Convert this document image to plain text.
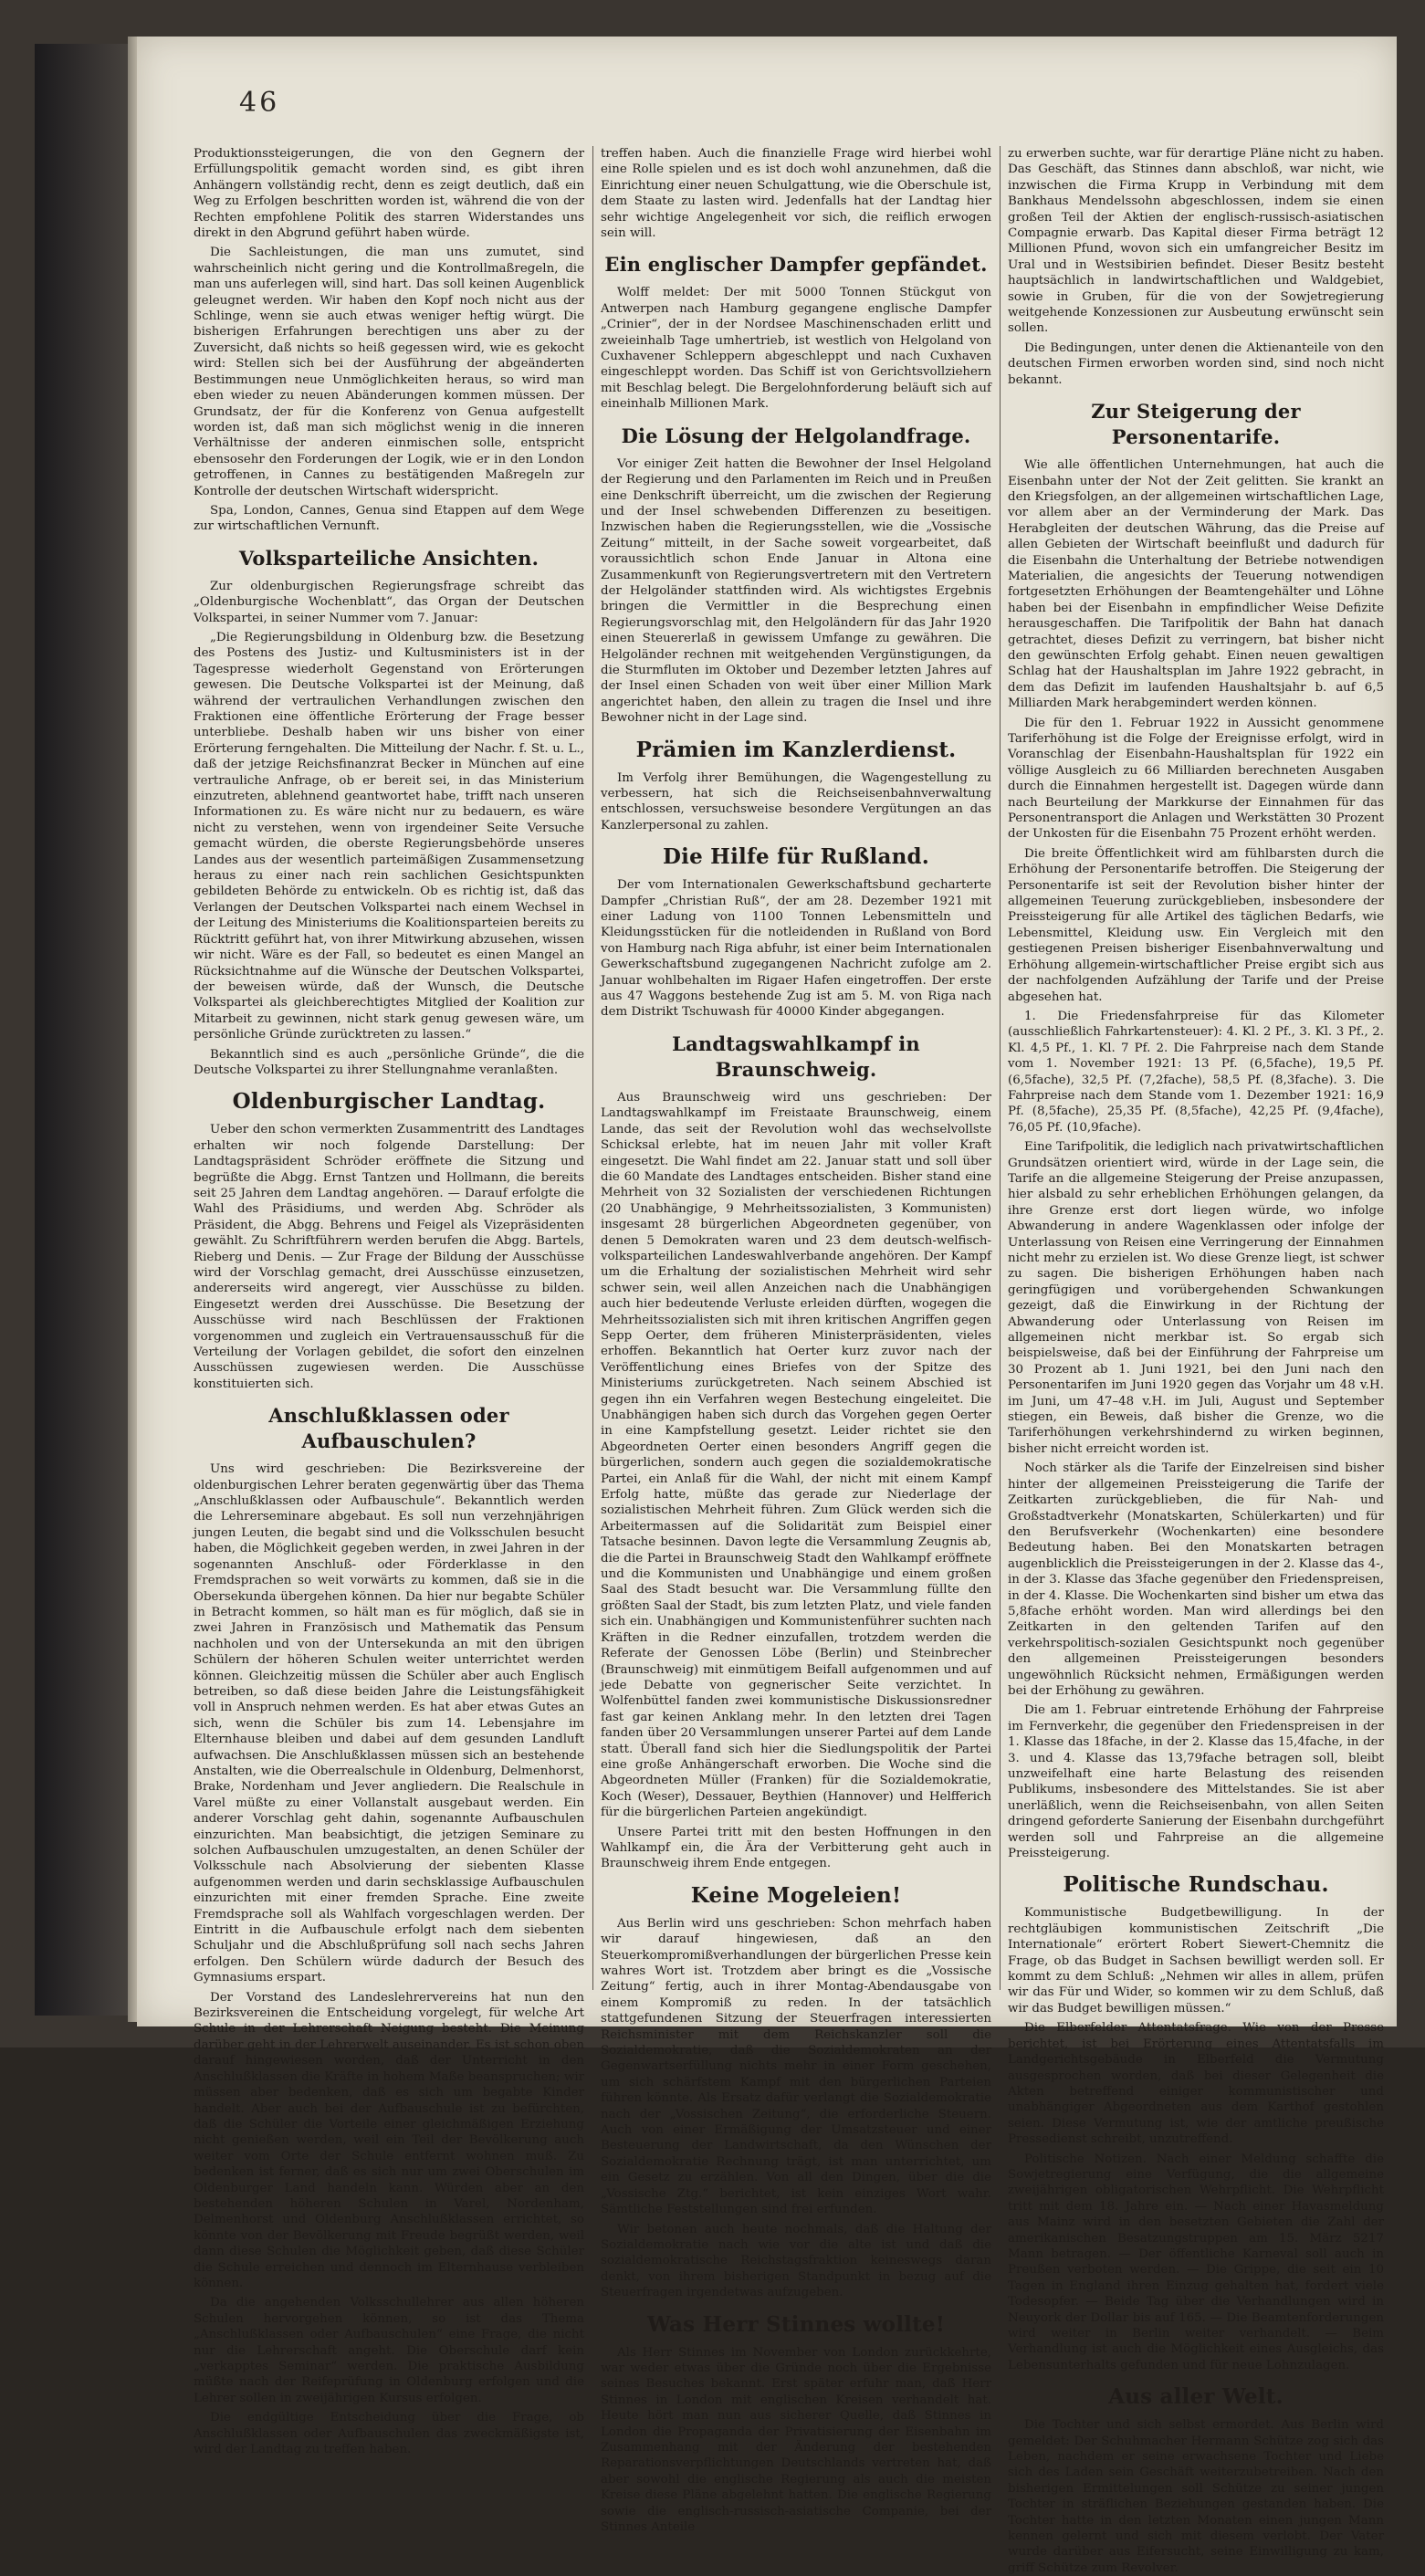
46

Produktionssteigerungen, die von den Gegnern der Erfüllungspolitik gemacht worden sind, es gibt ihren Anhängern vollständig recht, denn es zeigt deutlich, daß ein Weg zu Erfolgen beschritten worden ist, während die von der Rechten empfohlene Politik des starren Widerstandes uns direkt in den Abgrund geführt haben würde.

Die Sachleistungen, die man uns zumutet, sind wahrscheinlich nicht gering und die Kontrollmaßregeln, die man uns auferlegen will, sind hart. Das soll keinen Augenblick geleugnet werden. Wir haben den Kopf noch nicht aus der Schlinge, wenn sie auch etwas weniger heftig würgt. Die bisherigen Erfahrungen berechtigen uns aber zu der Zuversicht, daß nichts so heiß gegessen wird, wie es gekocht wird: Stellen sich bei der Ausführung der abgeänderten Bestimmungen neue Unmöglichkeiten heraus, so wird man eben wieder zu neuen Abänderungen kommen müssen. Der Grundsatz, der für die Konferenz von Genua aufgestellt worden ist, daß man sich möglichst wenig in die inneren Verhältnisse der anderen einmischen solle, entspricht ebensosehr den Forderungen der Logik, wie er in den London getroffenen, in Cannes zu bestätigenden Maßregeln zur Kontrolle der deutschen Wirtschaft widerspricht.

Spa, London, Cannes, Genua sind Etappen auf dem Wege zur wirtschaftlichen Vernunft.

Volksparteiliche Ansichten.

Zur oldenburgischen Regierungsfrage schreibt das „Oldenburgische Wochenblatt“, das Organ der Deutschen Volkspartei, in seiner Nummer vom 7. Januar:

„Die Regierungsbildung in Oldenburg bzw. die Besetzung des Postens des Justiz- und Kultusministers ist in der Tagespresse wiederholt Gegenstand von Erörterungen gewesen. Die Deutsche Volkspartei ist der Meinung, daß während der vertraulichen Verhandlungen zwischen den Fraktionen eine öffentliche Erörterung der Frage besser unterbliebe. Deshalb haben wir uns bisher von einer Erörterung ferngehalten. Die Mitteilung der Nachr. f. St. u. L., daß der jetzige Reichsfinanzrat Becker in München auf eine vertrauliche Anfrage, ob er bereit sei, in das Ministerium einzutreten, ablehnend geantwortet habe, trifft nach unseren Informationen zu. Es wäre nicht nur zu bedauern, es wäre nicht zu verstehen, wenn von irgendeiner Seite Versuche gemacht würden, die oberste Regierungsbehörde unseres Landes aus der wesentlich parteimäßigen Zusammensetzung heraus zu einer nach rein sachlichen Gesichtspunkten gebildeten Behörde zu entwickeln. Ob es richtig ist, daß das Verlangen der Deutschen Volkspartei nach einem Wechsel in der Leitung des Ministeriums die Koalitionsparteien bereits zu Rücktritt geführt hat, von ihrer Mitwirkung abzusehen, wissen wir nicht. Wäre es der Fall, so bedeutet es einen Mangel an Rücksichtnahme auf die Wünsche der Deutschen Volkspartei, der beweisen würde, daß der Wunsch, die Deutsche Volkspartei als gleichberechtigtes Mitglied der Koalition zur Mitarbeit zu gewinnen, nicht stark genug gewesen wäre, um persönliche Gründe zurücktreten zu lassen.“

Bekanntlich sind es auch „persönliche Gründe“, die die Deutsche Volkspartei zu ihrer Stellungnahme veranlaßten.

Oldenburgischer Landtag.

Ueber den schon vermerkten Zusammentritt des Landtages erhalten wir noch folgende Darstellung: Der Landtagspräsident Schröder eröffnete die Sitzung und begrüßte die Abgg. Ernst Tantzen und Hollmann, die bereits seit 25 Jahren dem Landtag angehören. — Darauf erfolgte die Wahl des Präsidiums, und werden Abg. Schröder als Präsident, die Abgg. Behrens und Feigel als Vizepräsidenten gewählt. Zu Schriftführern werden berufen die Abgg. Bartels, Rieberg und Denis. — Zur Frage der Bildung der Ausschüsse wird der Vorschlag gemacht, drei Ausschüsse einzusetzen, andererseits wird angeregt, vier Ausschüsse zu bilden. Eingesetzt werden drei Ausschüsse. Die Besetzung der Ausschüsse wird nach Beschlüssen der Fraktionen vorgenommen und zugleich ein Vertrauensausschuß für die Verteilung der Vorlagen gebildet, die sofort den einzelnen Ausschüssen zugewiesen werden. Die Ausschüsse konstituierten sich.

Anschlußklassen oder Aufbauschulen?

Uns wird geschrieben: Die Bezirksvereine der oldenburgischen Lehrer beraten gegenwärtig über das Thema „Anschlußklassen oder Aufbauschule“. Bekanntlich werden die Lehrerseminare abgebaut. Es soll nun verzehnjährigen jungen Leuten, die begabt sind und die Volksschulen besucht haben, die Möglichkeit gegeben werden, in zwei Jahren in der sogenannten Anschluß- oder Förderklasse in den Fremdsprachen so weit vorwärts zu kommen, daß sie in die Obersekunda übergehen können. Da hier nur begabte Schüler in Betracht kommen, so hält man es für möglich, daß sie in zwei Jahren in Französisch und Mathematik das Pensum nachholen und von der Untersekunda an mit den übrigen Schülern der höheren Schulen weiter unterrichtet werden können. Gleichzeitig müssen die Schüler aber auch Englisch betreiben, so daß diese beiden Jahre die Leistungsfähigkeit voll in Anspruch nehmen werden. Es hat aber etwas Gutes an sich, wenn die Schüler bis zum 14. Lebensjahre im Elternhause bleiben und dabei auf dem gesunden Landluft aufwachsen. Die Anschlußklassen müssen sich an bestehende Anstalten, wie die Oberrealschule in Oldenburg, Delmenhorst, Brake, Nordenham und Jever angliedern. Die Realschule in Varel müßte zu einer Vollanstalt ausgebaut werden. Ein anderer Vorschlag geht dahin, sogenannte Aufbauschulen einzurichten. Man beabsichtigt, die jetzigen Seminare zu solchen Aufbauschulen umzugestalten, an denen Schüler der Volksschule nach Absolvierung der siebenten Klasse aufgenommen werden und darin sechsklassige Aufbauschulen einzurichten mit einer fremden Sprache. Eine zweite Fremdsprache soll als Wahlfach vorgeschlagen werden. Der Eintritt in die Aufbauschule erfolgt nach dem siebenten Schuljahr und die Abschlußprüfung soll nach sechs Jahren erfolgen. Den Schülern würde dadurch der Besuch des Gymnasiums erspart.

Der Vorstand des Landeslehrervereins hat nun den Bezirksvereinen die Entscheidung vorgelegt, für welche Art Schule in der Lehrerschaft Neigung besteht. Die Meinung darüber geht in der Lehrerwelt auseinander. Es ist schon oben darauf hingewiesen worden, daß der Unterricht in den Anschlußklassen die Kräfte in hohem Maße beanspruchen; wir müssen aber bedenken, daß es sich um begabte Kinder handelt. Aber auch bei der Aufbauschule ist zu befürchten, daß die Schüler die Vorteile einer gleichmäßigen Erziehung nicht genießen werden, weil ein Teil der Bevölkerung auch weiter vom Orte der Schule entfernt wohnen muß. Zu bedenken ist ferner, daß es sich nur um zwei Oberschulen im Oldenburger Land handeln kann. Würden aber an den bestehenden höheren Schulen in Varel, Nordenham, Delmenhorst und Oldenburg Anschlußklassen errichtet, so könnte von der Bevölkerung mit Freude begrüßt werden, weil dann diese Schulen die Möglichkeit geben, daß diese Schüler die Schule erreichen und dennoch im Elternhause verbleiben können.

Da die angehenden Volksschullehrer aus allen höheren Schulen hervorgehen können, so ist das Thema „Anschlußklassen oder Aufbauschulen“ eine Frage, die nicht nur die Lehrerschaft angeht. Die Oberschule darf kein „verkapptes Seminar“ werden. Die praktische Ausbildung müßte nach der Reifeprüfung in Oldenburg erfolgen und die Lehrer sollen in zweijährigen Kursus erfolgen.

Die endgültige Entscheidung über die Frage, ob Anschlußklassen oder Aufbauschulen das zweckmäßigste ist, wird der Landtag zu treffen haben.

treffen haben. Auch die finanzielle Frage wird hierbei wohl eine Rolle spielen und es ist doch wohl anzunehmen, daß die Einrichtung einer neuen Schulgattung, wie die Oberschule ist, dem Staate zu lasten wird. Jedenfalls hat der Landtag hier sehr wichtige Angelegenheit vor sich, die reiflich erwogen sein will.

Ein englischer Dampfer gepfändet.

Wolff meldet: Der mit 5000 Tonnen Stückgut von Antwerpen nach Hamburg gegangene englische Dampfer „Crinier“, der in der Nordsee Maschinenschaden erlitt und zweieinhalb Tage umhertrieb, ist westlich von Helgoland von Cuxhavener Schleppern abgeschleppt und nach Cuxhaven eingeschleppt worden. Das Schiff ist von Gerichtsvollziehern mit Beschlag belegt. Die Bergelohnforderung beläuft sich auf eineinhalb Millionen Mark.

Die Lösung der Helgolandfrage.

Vor einiger Zeit hatten die Bewohner der Insel Helgoland der Regierung und den Parlamenten im Reich und in Preußen eine Denkschrift überreicht, um die zwischen der Regierung und der Insel schwebenden Differenzen zu beseitigen. Inzwischen haben die Regierungsstellen, wie die „Vossische Zeitung“ mitteilt, in der Sache soweit vorgearbeitet, daß voraussichtlich schon Ende Januar in Altona eine Zusammenkunft von Regierungsvertretern mit den Vertretern der Helgoländer stattfinden wird. Als wichtigstes Ergebnis bringen die Vermittler in die Besprechung einen Regierungsvorschlag mit, den Helgoländern für das Jahr 1920 einen Steuererlaß in gewissem Umfange zu gewähren. Die Helgoländer rechnen mit weitgehenden Vergünstigungen, da die Sturmfluten im Oktober und Dezember letzten Jahres auf der Insel einen Schaden von weit über einer Million Mark angerichtet haben, den allein zu tragen die Insel und ihre Bewohner nicht in der Lage sind.

Prämien im Kanzlerdienst.

Im Verfolg ihrer Bemühungen, die Wagengestellung zu verbessern, hat sich die Reichseisenbahnverwaltung entschlossen, versuchsweise besondere Vergütungen an das Kanzlerpersonal zu zahlen.

Die Hilfe für Rußland.

Der vom Internationalen Gewerkschaftsbund gecharterte Dampfer „Christian Ruß“, der am 28. Dezember 1921 mit einer Ladung von 1100 Tonnen Lebensmitteln und Kleidungsstücken für die notleidenden in Rußland von Bord von Hamburg nach Riga abfuhr, ist einer beim Internationalen Gewerkschaftsbund zugegangenen Nachricht zufolge am 2. Januar wohlbehalten im Rigaer Hafen eingetroffen. Der erste aus 47 Waggons bestehende Zug ist am 5. M. von Riga nach dem Distrikt Tschuwash für 40000 Kinder abgegangen.

Landtagswahlkampf in Braunschweig.

Aus Braunschweig wird uns geschrieben: Der Landtagswahlkampf im Freistaate Braunschweig, einem Lande, das seit der Revolution wohl das wechselvollste Schicksal erlebte, hat im neuen Jahr mit voller Kraft eingesetzt. Die Wahl findet am 22. Januar statt und soll über die 60 Mandate des Landtages entscheiden. Bisher stand eine Mehrheit von 32 Sozialisten der verschiedenen Richtungen (20 Unabhängige, 9 Mehrheitssozialisten, 3 Kommunisten) insgesamt 28 bürgerlichen Abgeordneten gegenüber, von denen 5 Demokraten waren und 23 dem deutsch-welfisch-volksparteilichen Landeswahlverbande angehören. Der Kampf um die Erhaltung der sozialistischen Mehrheit wird sehr schwer sein, weil allen Anzeichen nach die Unabhängigen auch hier bedeutende Verluste erleiden dürften, wogegen die Mehrheitssozialisten sich mit ihren kritischen Angriffen gegen Sepp Oerter, dem früheren Ministerpräsidenten, vieles erhoffen. Bekanntlich hat Oerter kurz zuvor nach der Veröffentlichung eines Briefes von der Spitze des Ministeriums zurückgetreten. Nach seinem Abschied ist gegen ihn ein Verfahren wegen Bestechung eingeleitet. Die Unabhängigen haben sich durch das Vorgehen gegen Oerter in eine Kampfstellung gesetzt. Leider richtet sie den Abgeordneten Oerter einen besonders Angriff gegen die bürgerlichen, sondern auch gegen die sozialdemokratische Partei, ein Anlaß für die Wahl, der nicht mit einem Kampf Erfolg hatte, müßte das gerade zur Niederlage der sozialistischen Mehrheit führen. Zum Glück werden sich die Arbeitermassen auf die Solidarität zum Beispiel einer Tatsache besinnen. Davon legte die Versammlung Zeugnis ab, die die Partei in Braunschweig Stadt den Wahlkampf eröffnete und die Kommunisten und Unabhängige und einem großen Saal des Stadt besucht war. Die Versammlung füllte den größten Saal der Stadt, bis zum letzten Platz, und viele fanden sich ein. Unabhängigen und Kommunistenführer suchten nach Kräften in die Redner einzufallen, trotzdem werden die Referate der Genossen Löbe (Berlin) und Steinbrecher (Braunschweig) mit einmütigem Beifall aufgenommen und auf jede Debatte von gegnerischer Seite verzichtet. In Wolfenbüttel fanden zwei kommunistische Diskussionsredner fast gar keinen Anklang mehr. In den letzten drei Tagen fanden über 20 Versammlungen unserer Partei auf dem Lande statt. Überall fand sich hier die Siedlungspolitik der Partei eine große Anhängerschaft erworben. Die Woche sind die Abgeordneten Müller (Franken) für die Sozialdemokratie, Koch (Weser), Dessauer, Beythien (Hannover) und Helfferich für die bürgerlichen Parteien angekündigt.

Unsere Partei tritt mit den besten Hoffnungen in den Wahlkampf ein, die Ära der Verbitterung geht auch in Braunschweig ihrem Ende entgegen.

Keine Mogeleien!

Aus Berlin wird uns geschrieben: Schon mehrfach haben wir darauf hingewiesen, daß an den Steuerkompromißverhandlungen der bürgerlichen Presse kein wahres Wort ist. Trotzdem aber bringt es die „Vossische Zeitung“ fertig, auch in ihrer Montag-Abendausgabe von einem Kompromiß zu reden. In der tatsächlich stattgefundenen Sitzung der Steuerfragen interessierten Reichsminister mit dem Reichskanzler soll die Sozialdemokratie, daß die Sozialdemokraten an der Gegenwartserfüllung nichts mehr in einer Form geschehen, um sich schärfstem Kampf mit den bürgerlichen Parteien führen könnte. Als Ersatz dafür verlangt die Sozialdemokratie nach der „Vossischen Zeitung“, die erforderliche Steuern. Auch von einer Ermäßigung der Umsatzsteuer und einer Besteuerung der Landwirtschaft, da den Wünschen der Sozialdemokratie Rechnung trägt, ist man unterrichtet, um ein Gesetz zu erzählen. Von all den Dingen, über die die „Vossische Ztg.“ berichtet, ist kein einziges Wort wahr. Sämtliche Feststellungen sind frei erfunden.

Wir betonen auch heute nochmals, daß die Haltung der Sozialdemokratie nach wie vor die alte ist und daß die sozialdemokratische Reichstagsfraktion keineswegs daran denkt, von ihrem bisherigen Standpunkt in bezug auf die Steuerfragen irgendetwas aufzugeben.

Was Herr Stinnes wollte!

Als Herr Stinnes im November von London zurückkehrte, war weder etwas über die Gründe noch über die Ergebnisse seines Besuches bekannt. Erst später erfuhr man, daß Herr Stinnes in London mit englischen Kreisen verhandelt hat. Heute hört man nun aus sicherer Quelle, daß Stinnes in London die Propaganda der Privatisierung der Eisenbahn im Zusammenhang mit der Änderung der bestehenden Reparationsverpflichtungen Deutschlands vertreten hat, daß aber sowohl die englische Regierung als auch die meisten Kreise diese Pläne abgelehnt hatten. Die englische Regierung sowie die englisch-russisch-asiatische Companie, bei der Stinnes Anteile

zu erwerben suchte, war für derartige Pläne nicht zu haben. Das Geschäft, das Stinnes dann abschloß, war nicht, wie inzwischen die Firma Krupp in Verbindung mit dem Bankhaus Mendelssohn abgeschlossen, indem sie einen großen Teil der Aktien der englisch-russisch-asiatischen Compagnie erwarb. Das Kapital dieser Firma beträgt 12 Millionen Pfund, wovon sich ein umfangreicher Besitz im Ural und in Westsibirien befindet. Dieser Besitz besteht hauptsächlich in landwirtschaftlichen und Waldgebiet, sowie in Gruben, für die von der Sowjetregierung weitgehende Konzessionen zur Ausbeutung erwünscht sein sollen.

Die Bedingungen, unter denen die Aktienanteile von den deutschen Firmen erworben worden sind, sind noch nicht bekannt.

Zur Steigerung der Personentarife.

Wie alle öffentlichen Unternehmungen, hat auch die Eisenbahn unter der Not der Zeit gelitten. Sie krankt an den Kriegsfolgen, an der allgemeinen wirtschaftlichen Lage, vor allem aber an der Verminderung der Mark. Das Herabgleiten der deutschen Währung, das die Preise auf allen Gebieten der Wirtschaft beeinflußt und dadurch für die Eisenbahn die Unterhaltung der Betriebe notwendigen Materialien, die angesichts der Teuerung notwendigen fortgesetzten Erhöhungen der Beamtengehälter und Löhne haben bei der Eisenbahn in empfindlicher Weise Defizite herausgeschaffen. Die Tarifpolitik der Bahn hat danach getrachtet, dieses Defizit zu verringern, bat bisher nicht den gewünschten Erfolg gehabt. Einen neuen gewaltigen Schlag hat der Haushaltsplan im Jahre 1922 gebracht, in dem das Defizit im laufenden Haushaltsjahr b. auf 6,5 Milliarden Mark herabgemindert werden können.

Die für den 1. Februar 1922 in Aussicht genommene Tariferhöhung ist die Folge der Ereignisse erfolgt, wird in Voranschlag der Eisenbahn-Haushaltsplan für 1922 ein völlige Ausgleich zu 66 Milliarden berechneten Ausgaben durch die Einnahmen hergestellt ist. Dagegen würde dann nach Beurteilung der Markkurse der Einnahmen für das Personentransport die Anlagen und Werkstätten 30 Prozent der Unkosten für die Eisenbahn 75 Prozent erhöht werden.

Die breite Öffentlichkeit wird am fühlbarsten durch die Erhöhung der Personentarife betroffen. Die Steigerung der Personentarife ist seit der Revolution bisher hinter der allgemeinen Teuerung zurückgeblieben, insbesondere der Preissteigerung für alle Artikel des täglichen Bedarfs, wie Lebensmittel, Kleidung usw. Ein Vergleich mit den gestiegenen Preisen bisheriger Eisenbahnverwaltung und Erhöhung allgemein-wirtschaftlicher Preise ergibt sich aus der nachfolgenden Aufzählung der Tarife und der Preise abgesehen hat.

1. Die Friedensfahrpreise für das Kilometer (ausschließlich Fahrkartensteuer): 4. Kl. 2 Pf., 3. Kl. 3 Pf., 2. Kl. 4,5 Pf., 1. Kl. 7 Pf. 2. Die Fahrpreise nach dem Stande vom 1. November 1921: 13 Pf. (6,5fache), 19,5 Pf. (6,5fache), 32,5 Pf. (7,2fache), 58,5 Pf. (8,3fache). 3. Die Fahrpreise nach dem Stande vom 1. Dezember 1921: 16,9 Pf. (8,5fache), 25,35 Pf. (8,5fache), 42,25 Pf. (9,4fache), 76,05 Pf. (10,9fache).

Eine Tarifpolitik, die lediglich nach privatwirtschaftlichen Grundsätzen orientiert wird, würde in der Lage sein, die Tarife an die allgemeine Steigerung der Preise anzupassen, hier alsbald zu sehr erheblichen Erhöhungen gelangen, da ihre Grenze erst dort liegen würde, wo infolge Abwanderung in andere Wagenklassen oder infolge der Unterlassung von Reisen eine Verringerung der Einnahmen nicht mehr zu erzielen ist. Wo diese Grenze liegt, ist schwer zu sagen. Die bisherigen Erhöhungen haben nach geringfügigen und vorübergehenden Schwankungen gezeigt, daß die Einwirkung in der Richtung der Abwanderung oder Unterlassung von Reisen im allgemeinen nicht merkbar ist. So ergab sich beispielsweise, daß bei der Einführung der Fahrpreise um 30 Prozent ab 1. Juni 1921, bei den Juni nach den Personentarifen im Juni 1920 gegen das Vorjahr um 48 v.H. im Juni, um 47–48 v.H. im Juli, August und September stiegen, ein Beweis, daß bisher die Grenze, wo die Tariferhöhungen verkehrshindernd zu wirken beginnen, bisher nicht erreicht worden ist.

Noch stärker als die Tarife der Einzelreisen sind bisher hinter der allgemeinen Preissteigerung die Tarife der Zeitkarten zurückgeblieben, die für Nah- und Großstadtverkehr (Monatskarten, Schülerkarten) und für den Berufsverkehr (Wochenkarten) eine besondere Bedeutung haben. Bei den Monatskarten betragen augenblicklich die Preissteigerungen in der 2. Klasse das 4-, in der 3. Klasse das 3fache gegenüber den Friedenspreisen, in der 4. Klasse. Die Wochenkarten sind bisher um etwa das 5,8fache erhöht worden. Man wird allerdings bei den Zeitkarten in den geltenden Tarifen auf den verkehrspolitisch-sozialen Gesichtspunkt noch gegenüber den allgemeinen Preissteigerungen besonders ungewöhnlich Rücksicht nehmen, Ermäßigungen werden bei der Erhöhung zu gewähren.

Die am 1. Februar eintretende Erhöhung der Fahrpreise im Fernverkehr, die gegenüber den Friedenspreisen in der 1. Klasse das 18fache, in der 2. Klasse das 15,4fache, in der 3. und 4. Klasse das 13,79fache betragen soll, bleibt unzweifelhaft eine harte Belastung des reisenden Publikums, insbesondere des Mittelstandes. Sie ist aber unerläßlich, wenn die Reichseisenbahn, von allen Seiten dringend geforderte Sanierung der Eisenbahn durchgeführt werden soll und Fahrpreise an die allgemeine Preissteigerung.

Politische Rundschau.

Kommunistische Budgetbewilligung. In der rechtgläubigen kommunistischen Zeitschrift „Die Internationale“ erörtert Robert Siewert-Chemnitz die Frage, ob das Budget in Sachsen bewilligt werden soll. Er kommt zu dem Schluß: „Nehmen wir alles in allem, prüfen wir das Für und Wider, so kommen wir zu dem Schluß, daß wir das Budget bewilligen müssen.“

Die Elberfelder Attentatsfrage. Wie von der Presse berichtet, ist bei Erörterung eines Attentatsfalls im Landgerichtsgebäude in Elberfeld die Vermutung ausgesprochen worden, daß bei dieser Gelegenheit die Akten betreffend einiger kommunistischer und unabhängiger Abgeordneten aus dem Karthof gestohlen seien. Diese Vermutung ist, wie der amtliche preußische Pressedienst schreibt, unzutreffend.

Politische Notizen. Nach einer Meldung schaffte die Sowjetregierung eine Verfügung, die die allgemeine zweijährigen obligatorischen Wehrpflicht. Die Wehrpflicht tritt mit dem 18. Jahre ein. — Nach einer Havasmeldung aus Mainz wird in den besetzten Gebieten die Zahl der amerikanischen Besatzungstruppen am 15. März 5217 Mann betragen. — Der öffentliche Karneval soll auch in Preußen verboten werden. — Die Grippe, die seit ein 10 Tagen in England ihren Einzug gehalten hat, fordert viele Todesopfer. — Beide Tag über die Verhandlungen wird in Neuyork der Dollar bis auf 165. — Die Beamtenforderungen wird weiter in Berlin weiter verhandelt. — Beim Verhandlung ist auch die Möglichkeit eines Ausgleichs, das Lebensunterhalts gefunden und für neue Lohnzulagen.

Aus aller Welt.

Die Tochter und sich selbst ermordet. Aus Berlin wird gemeldet: Der Schuhmacher Hermann Schütze zog sich das Leben, nachdem er seine erwachsene Tochter und Liebe sich des Laden sein Geschäft weiterzubetreiben. Nach den bisherigen Ermittelungen soll Schütze zu seiner jungen Tochter in sträflichen Beziehungen gestanden haben. Die Tochter hatte in den letzten Monaten einen jungen Mann kennen gelernt und sich mit diesem verlobt. Der Vater wurde darüber aus Eifersucht, seine Einwilligung zu kam, griff Schütze zum Revolver.
